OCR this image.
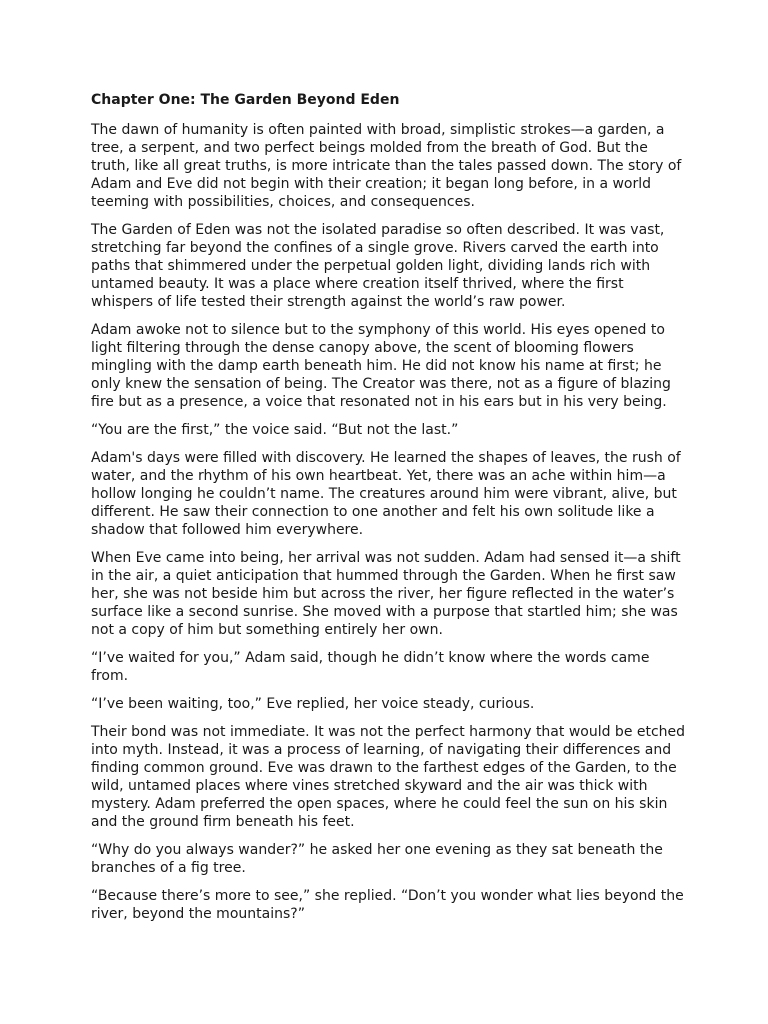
Chapter One: The Garden Beyond Eden

The dawn of humanity is often painted with broad, simplistic strokes—a garden, a tree, a serpent, and two perfect beings molded from the breath of God. But the truth, like all great truths, is more intricate than the tales passed down. The story of Adam and Eve did not begin with their creation; it began long before, in a world teeming with possibilities, choices, and consequences.

The Garden of Eden was not the isolated paradise so often described. It was vast, stretching far beyond the confines of a single grove. Rivers carved the earth into paths that shimmered under the perpetual golden light, dividing lands rich with untamed beauty. It was a place where creation itself thrived, where the first whispers of life tested their strength against the world’s raw power.

Adam awoke not to silence but to the symphony of this world. His eyes opened to light filtering through the dense canopy above, the scent of blooming flowers mingling with the damp earth beneath him. He did not know his name at first; he only knew the sensation of being. The Creator was there, not as a figure of blazing fire but as a presence, a voice that resonated not in his ears but in his very being.

“You are the first,” the voice said. “But not the last.”

Adam's days were filled with discovery. He learned the shapes of leaves, the rush of water, and the rhythm of his own heartbeat. Yet, there was an ache within him—a hollow longing he couldn’t name. The creatures around him were vibrant, alive, but different. He saw their connection to one another and felt his own solitude like a shadow that followed him everywhere.

When Eve came into being, her arrival was not sudden. Adam had sensed it—a shift in the air, a quiet anticipation that hummed through the Garden. When he first saw her, she was not beside him but across the river, her figure reflected in the water’s surface like a second sunrise. She moved with a purpose that startled him; she was not a copy of him but something entirely her own.

“I’ve waited for you,” Adam said, though he didn’t know where the words came from.

“I’ve been waiting, too,” Eve replied, her voice steady, curious.

Their bond was not immediate. It was not the perfect harmony that would be etched into myth. Instead, it was a process of learning, of navigating their differences and finding common ground. Eve was drawn to the farthest edges of the Garden, to the wild, untamed places where vines stretched skyward and the air was thick with mystery. Adam preferred the open spaces, where he could feel the sun on his skin and the ground firm beneath his feet.

“Why do you always wander?” he asked her one evening as they sat beneath the branches of a fig tree.

“Because there’s more to see,” she replied. “Don’t you wonder what lies beyond the river, beyond the mountains?”
